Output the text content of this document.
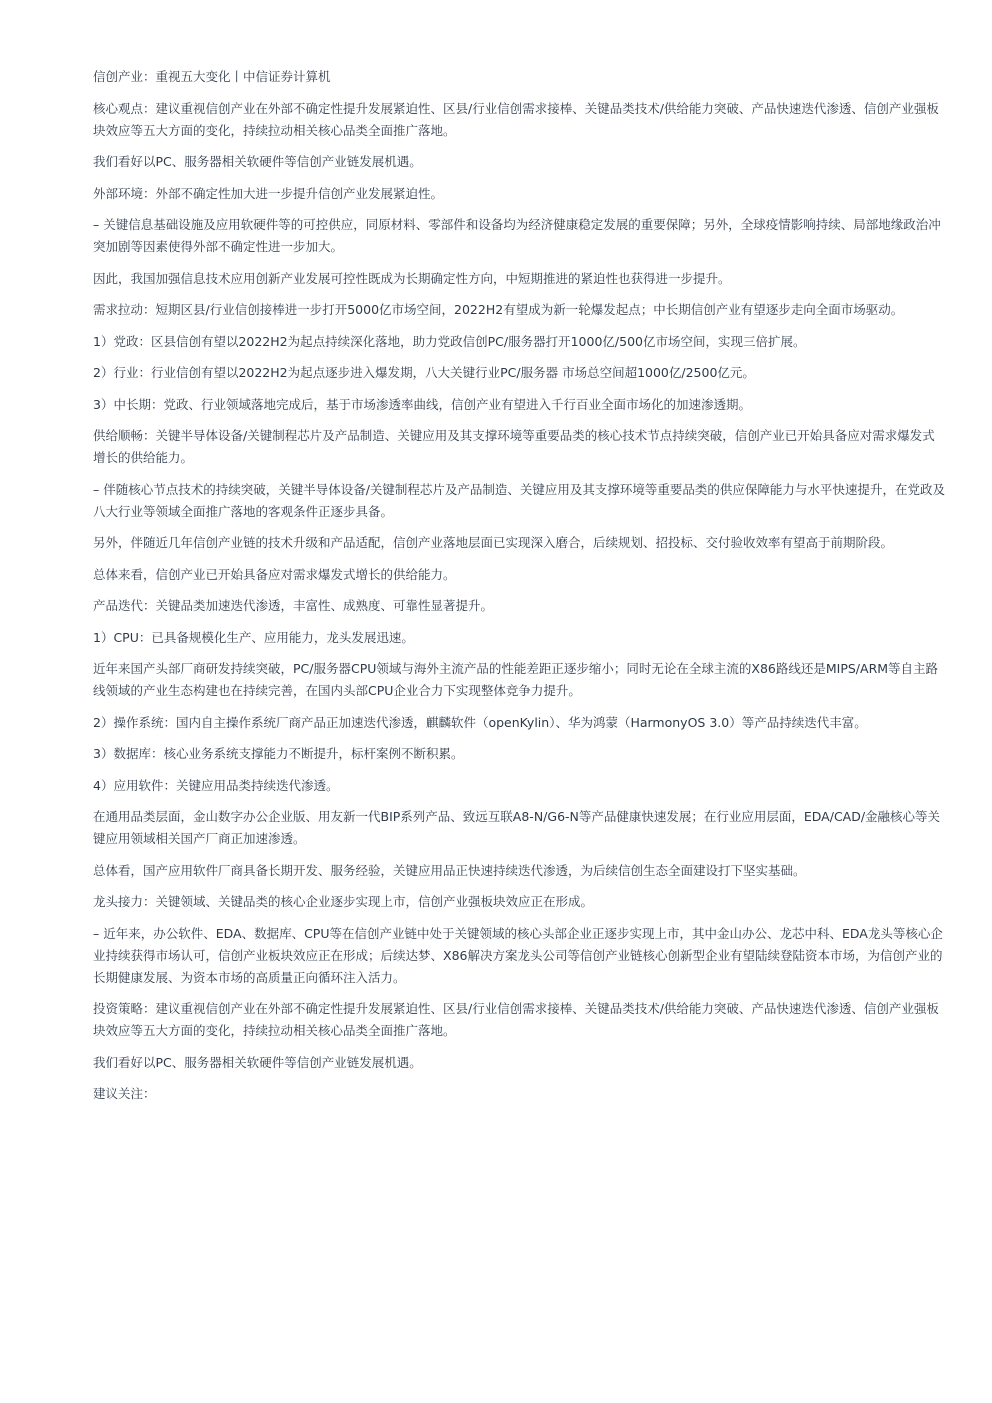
信创产业：重视五大变化丨中信证券计算机

核心观点：建议重视信创产业在外部不确定性提升发展紧迫性、区县/行业信创需求接棒、关键品类技术/供给能力突破、产品快速迭代渗透、信创产业强板块效应等五大方面的变化，持续拉动相关核心品类全面推广落地。

我们看好以PC、服务器相关软硬件等信创产业链发展机遇。

外部环境：外部不确定性加大进一步提升信创产业发展紧迫性。

– 关键信息基础设施及应用软硬件等的可控供应，同原材料、零部件和设备均为经济健康稳定发展的重要保障；另外，全球疫情影响持续、局部地缘政治冲突加剧等因素使得外部不确定性进一步加大。

因此，我国加强信息技术应用创新产业发展可控性既成为长期确定性方向，中短期推进的紧迫性也获得进一步提升。

需求拉动：短期区县/行业信创接棒进一步打开5000亿市场空间，2022H2有望成为新一轮爆发起点；中长期信创产业有望逐步走向全面市场驱动。

1）党政：区县信创有望以2022H2为起点持续深化落地，助力党政信创PC/服务器打开1000亿/500亿市场空间，实现三倍扩展。

2）行业：行业信创有望以2022H2为起点逐步进入爆发期，八大关键行业PC/服务器 市场总空间超1000亿/2500亿元。

3）中长期：党政、行业领域落地完成后，基于市场渗透率曲线，信创产业有望进入千行百业全面市场化的加速渗透期。

供给顺畅：关键半导体设备/关键制程芯片及产品制造、关键应用及其支撑环境等重要品类的核心技术节点持续突破，信创产业已开始具备应对需求爆发式增长的供给能力。

– 伴随核心节点技术的持续突破，关键半导体设备/关键制程芯片及产品制造、关键应用及其支撑环境等重要品类的供应保障能力与水平快速提升，在党政及八大行业等领域全面推广落地的客观条件正逐步具备。

另外，伴随近几年信创产业链的技术升级和产品适配，信创产业落地层面已实现深入磨合，后续规划、招投标、交付验收效率有望高于前期阶段。

总体来看，信创产业已开始具备应对需求爆发式增长的供给能力。

产品迭代：关键品类加速迭代渗透，丰富性、成熟度、可靠性显著提升。

1）CPU：已具备规模化生产、应用能力，龙头发展迅速。

近年来国产头部厂商研发持续突破，PC/服务器CPU领域与海外主流产品的性能差距正逐步缩小；同时无论在全球主流的X86路线还是MIPS/ARM等自主路线领域的产业生态构建也在持续完善，在国内头部CPU企业合力下实现整体竞争力提升。

2）操作系统：国内自主操作系统厂商产品正加速迭代渗透，麒麟软件（openKylin）、华为鸿蒙（HarmonyOS 3.0）等产品持续迭代丰富。

3）数据库：核心业务系统支撑能力不断提升，标杆案例不断积累。

4）应用软件：关键应用品类持续迭代渗透。

在通用品类层面，金山数字办公企业版、用友新一代BIP系列产品、致远互联A8-N/G6-N等产品健康快速发展；在行业应用层面，EDA/CAD/金融核心等关键应用领域相关国产厂商正加速渗透。

总体看，国产应用软件厂商具备长期开发、服务经验，关键应用品正快速持续迭代渗透，为后续信创生态全面建设打下坚实基础。

龙头接力：关键领域、关键品类的核心企业逐步实现上市，信创产业强板块效应正在形成。

– 近年来，办公软件、EDA、数据库、CPU等在信创产业链中处于关键领域的核心头部企业正逐步实现上市，其中金山办公、龙芯中科、EDA龙头等核心企业持续获得市场认可，信创产业板块效应正在形成；后续达梦、X86解决方案龙头公司等信创产业链核心创新型企业有望陆续登陆资本市场，为信创产业的长期健康发展、为资本市场的高质量正向循环注入活力。

投资策略：建议重视信创产业在外部不确定性提升发展紧迫性、区县/行业信创需求接棒、关键品类技术/供给能力突破、产品快速迭代渗透、信创产业强板块效应等五大方面的变化，持续拉动相关核心品类全面推广落地。

我们看好以PC、服务器相关软硬件等信创产业链发展机遇。

建议关注：
